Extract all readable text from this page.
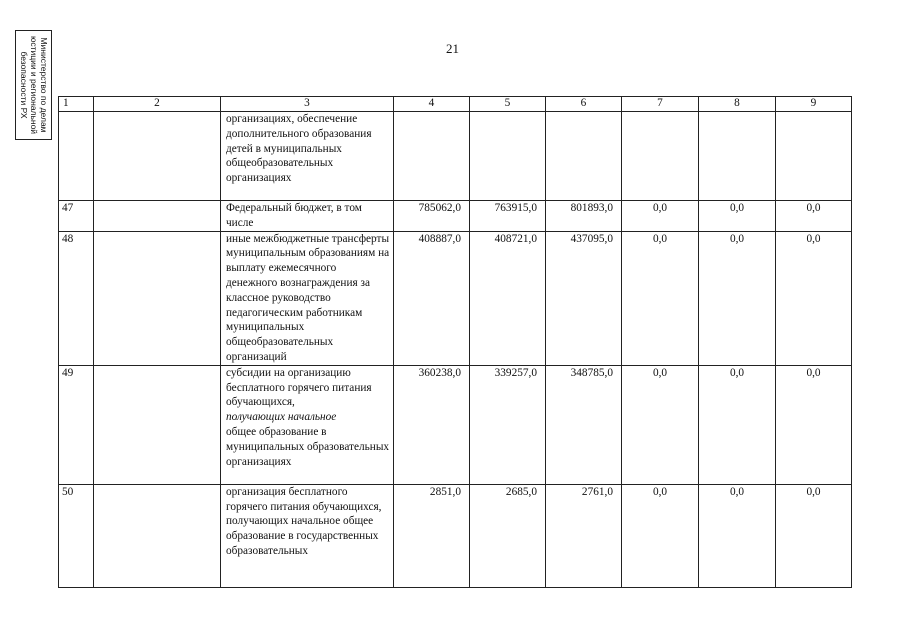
Министерство по делам
юстиции и региональной
безопасности РХ
21
1	2	3	4	5	6	7	8	9
		организациях, обеспечение дополнительного образования детей в муниципальных общеобразовательных организациях						
47		Федеральный бюджет, в том числе	785062,0	763915,0	801893,0	0,0	0,0	0,0
48		иные межбюджетные трансферты муниципальным образованиям на выплату ежемесячного денежного вознаграждения за классное руководство педагогическим работникам муниципальных общеобразовательных организаций	408887,0	408721,0	437095,0	0,0	0,0	0,0
49		субсидии на организацию бесплатного горячего питания обучающихся,
получающих начальное
общее образование в муниципальных образовательных организациях	360238,0	339257,0	348785,0	0,0	0,0	0,0
50		организация бесплатного горячего питания обучающихся, получающих начальное общее образование в государственных образовательных	2851,0	2685,0	2761,0	0,0	0,0	0,0
